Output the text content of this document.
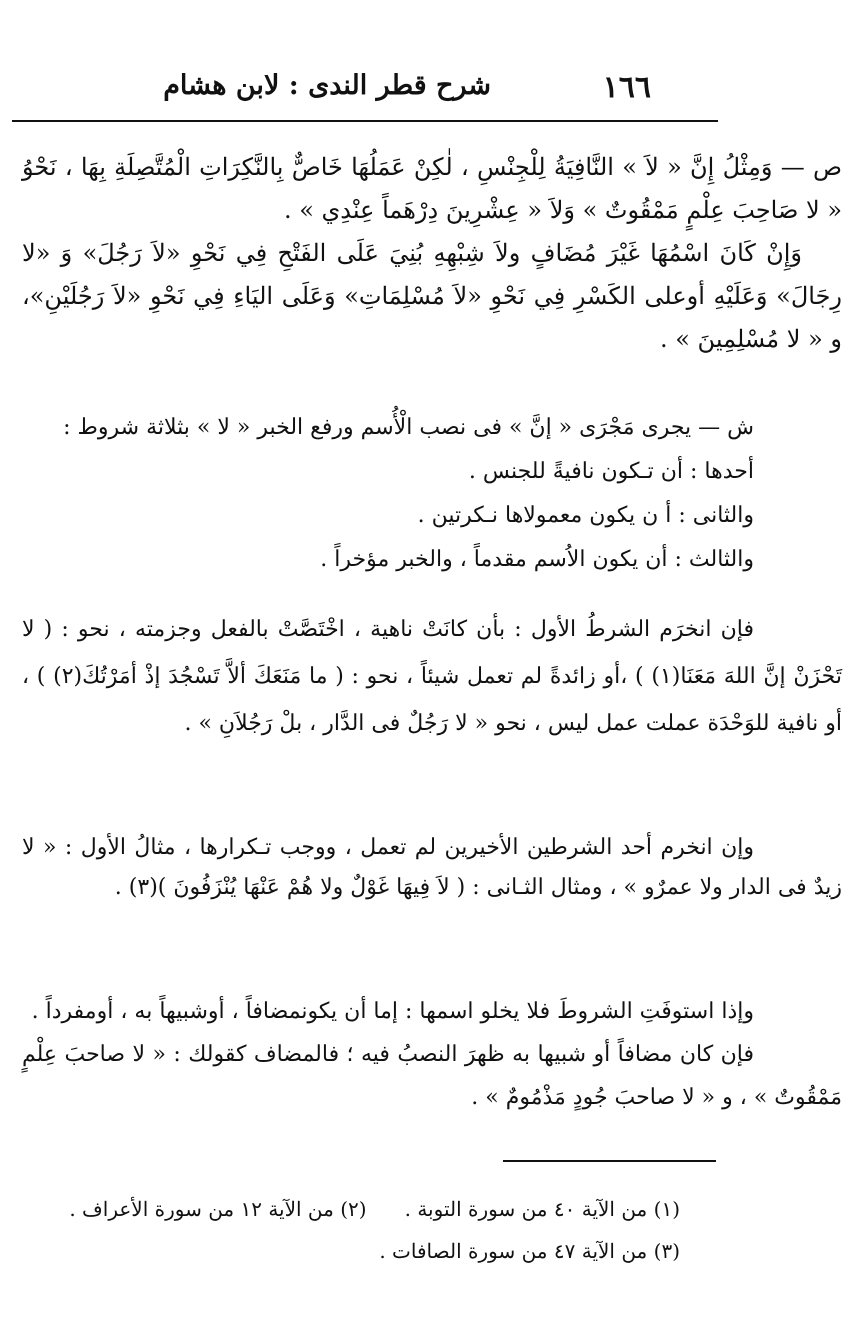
١٦٦
شرح قطر الندى : لابن هشام

ص — وَمِثْلُ إِنَّ « لاَ » النَّافِيَةُ لِلْجِنْسِ ، لٰكِنْ عَمَلُهَا خَاصٌّ بِالنَّكِرَاتِ الْمُتَّصِلَةِ بِهَا ، نَحْوُ « لا صَاحِبَ عِلْمٍ مَمْقُوتٌ » وَلاَ « عِشْرِينَ دِرْهَماً عِنْدِي » .

وَإِنْ كَانَ اسْمُهَا غَيْرَ مُضَافٍ ولاَ شِبْهِهِ بُنِيَ عَلَى الفَتْحِ فِي نَحْوِ «لاَ رَجُلَ» وَ «لا رِجَالَ» وَعَلَيْهِ أوعلى الكَسْرِ فِي نَحْوِ «لاَ مُسْلِمَاتِ» وَعَلَى اليَاءِ فِي نَحْوِ «لاَ رَجُلَيْنِ»، و « لا مُسْلِمِينَ » .

ش — يجرى مَجْرَى « إنَّ » فى نصب الْأُسم ورفع الخبر « لا » بثلاثة شروط :

أحدها : أن تـكون نافيةً للجنس .

والثانى : أ ن يكون معمولاها نـكرتين .

والثالث : أن يكون الاُسم مقدماً ، والخبر مؤخراً .

فإن انخرَم الشرطُ الأول : بأن كانَتْ ناهية ، اخْتَصَّتْ بالفعل وجزمته ، نحو : ( لا تَحْزَنْ إنَّ اللهَ مَعَنَا(١) ) ،أو زائدةً لم تعمل شيئاً ، نحو : ( ما مَنَعَكَ ألاَّ تَسْجُدَ إذْ أمَرْتُكَ(٢) ) ، أو نافية للوَحْدَة عملت عمل ليس ، نحو « لا رَجُلٌ فى الدَّار ، بلْ رَجُلاَنِ » .

وإن انخرم أحد الشرطين الأخيرين لم تعمل ، ووجب تـكرارها ، مثالُ الأول : « لا زيدٌ فى الدار ولا عمرٌو » ، ومثال الثـانى : ( لاَ فِيهَا غَوْلٌ ولا هُمْ عَنْهَا يُنْزَفُونَ )(٣) .

وإذا استوفَتِ الشروطَ فلا يخلو اسمها : إما أن يكونمضافاً ، أوشبيهاً به ، أومفرداً .

فإن كان مضافاً أو شبيها به ظهرَ النصبُ فيه ؛ فالمضاف كقولك : « لا صاحبَ عِلْمٍ مَمْقُوتٌ » ، و « لا صاحبَ جُودٍ مَذْمُومٌ » .

(١) من الآية ٤٠ من سورة التوبة .
(٢) من الآية ١٢ من سورة الأعراف .
(٣) من الآية ٤٧ من سورة الصافات .
